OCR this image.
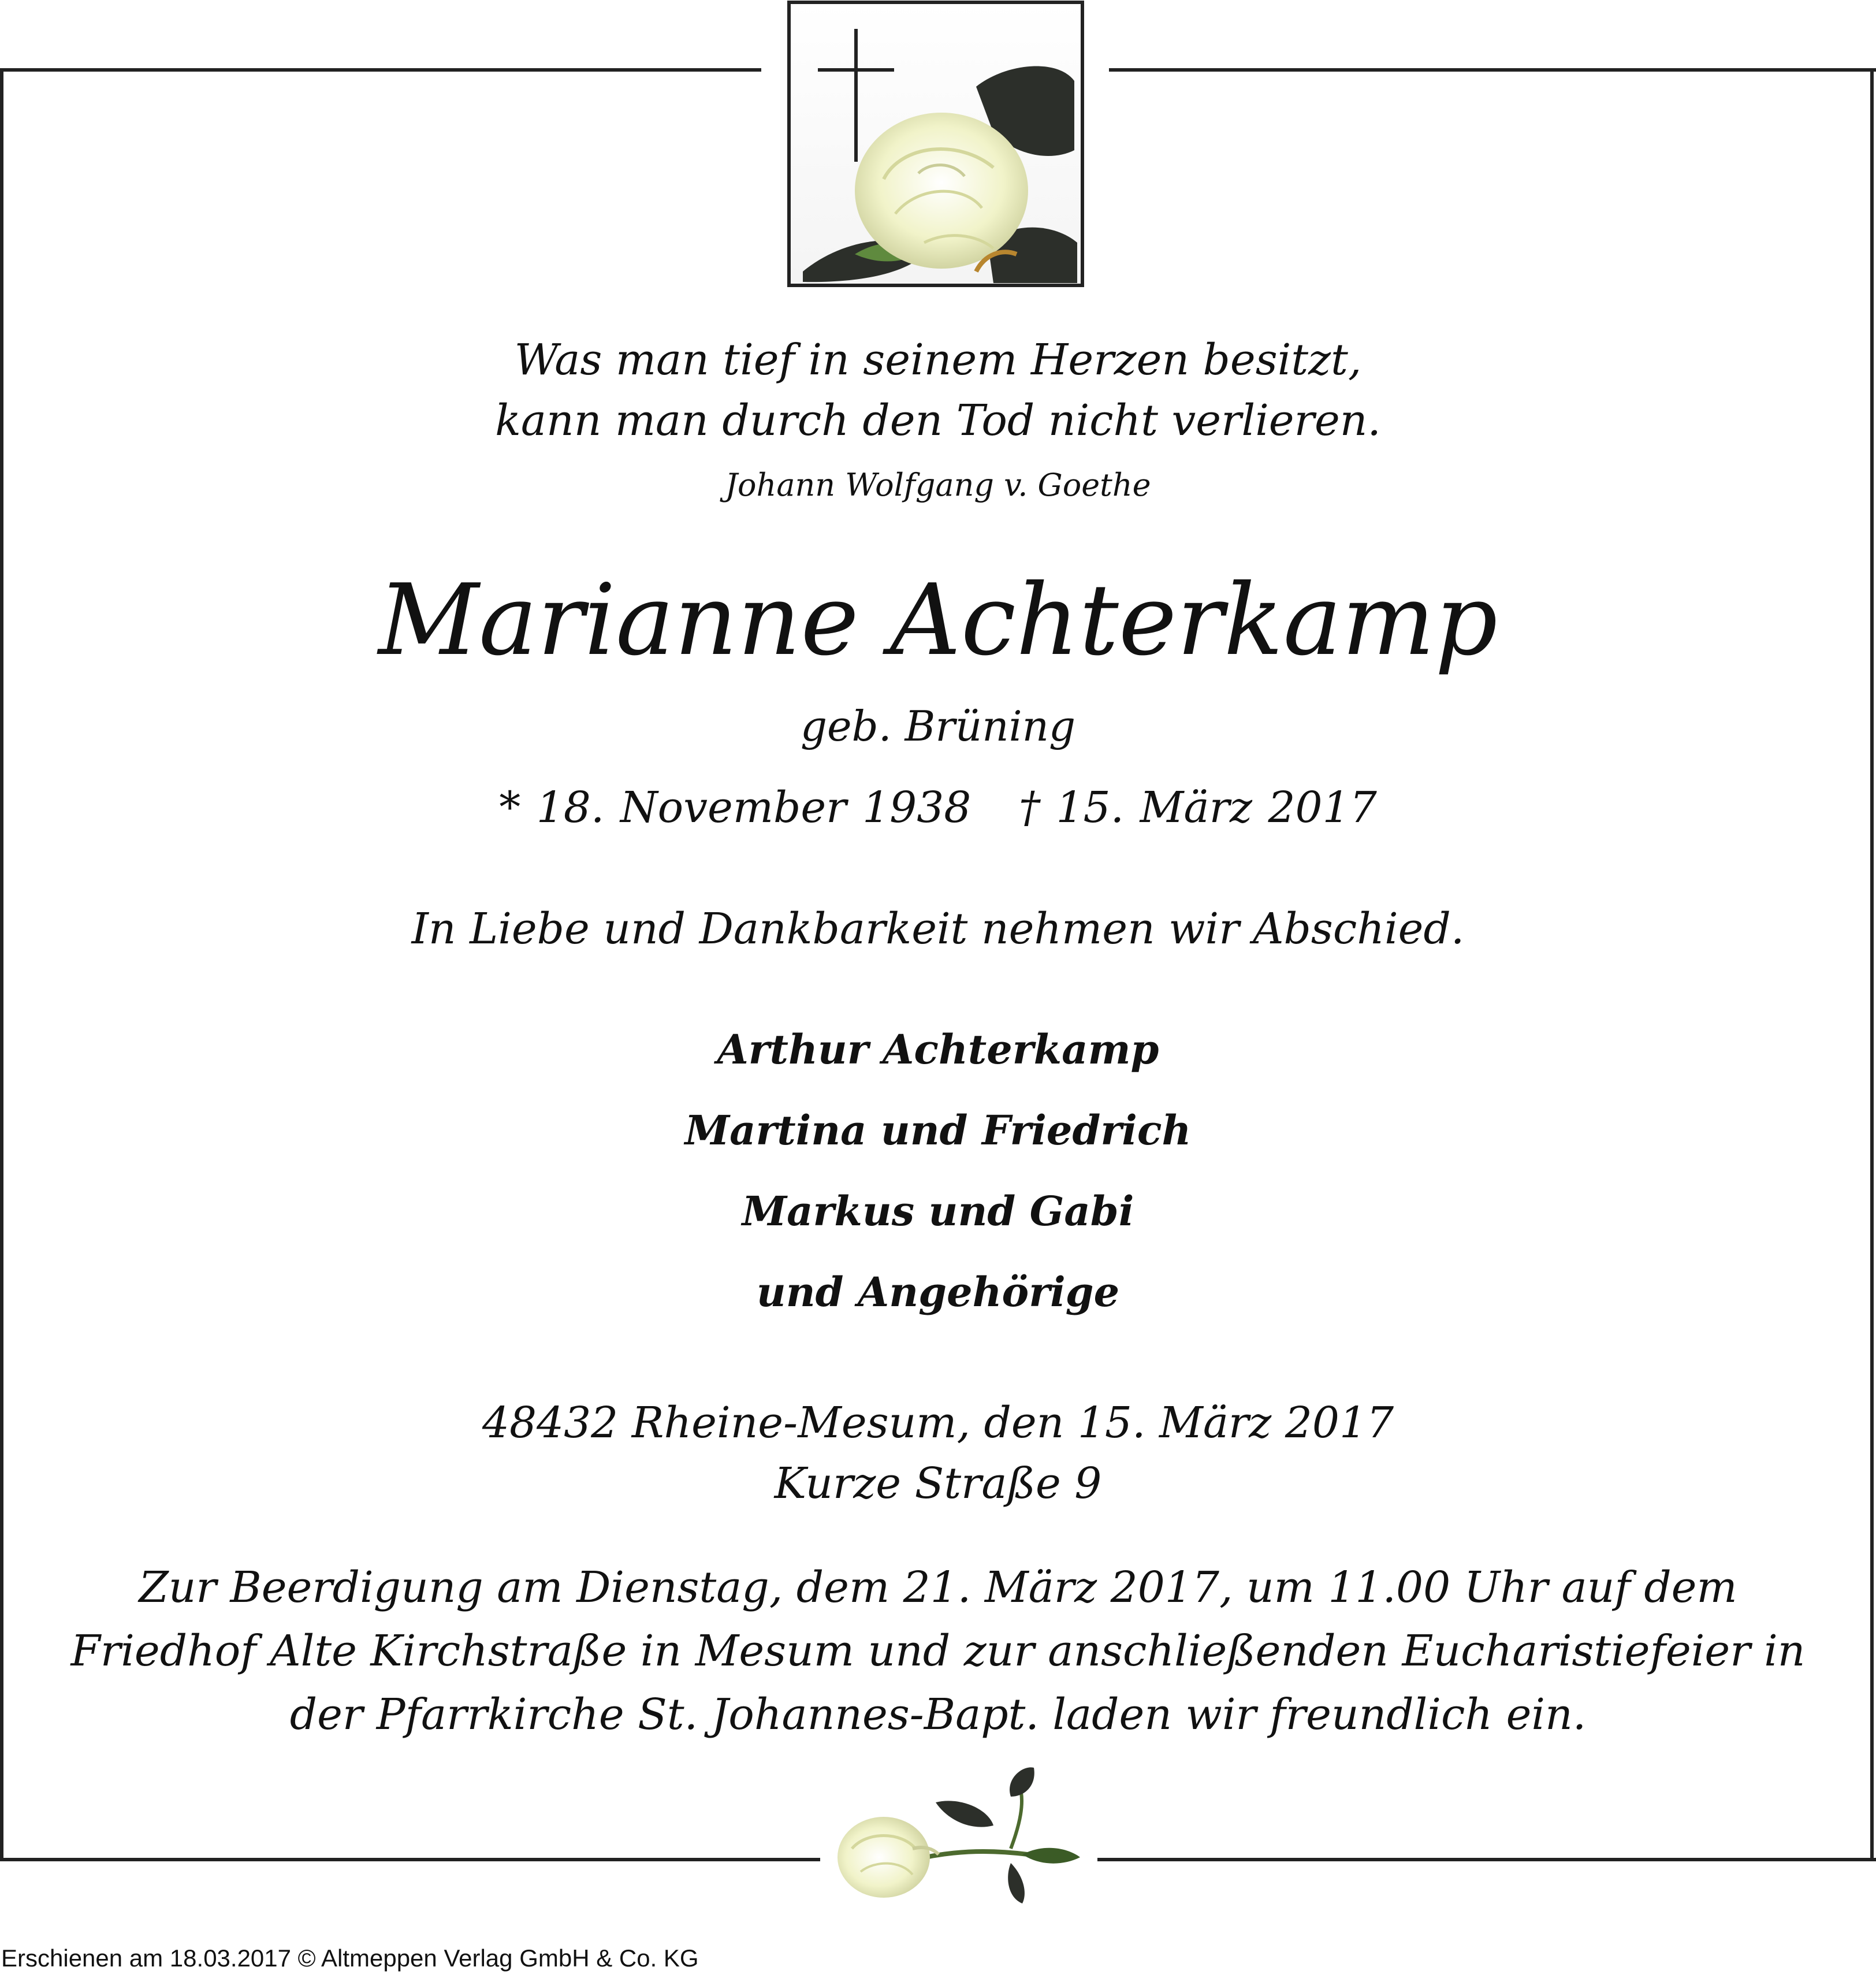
Was man tief in seinem Herzen besitzt,
kann man durch den Tod nicht verlieren.
Johann Wolfgang v. Goethe
Marianne Achterkamp
geb. Brüning
* 18. November 1938   † 15. März 2017
In Liebe und Dankbarkeit nehmen wir Abschied.
Arthur Achterkamp
Martina und Friedrich
Markus und Gabi
und Angehörige
48432 Rheine-Mesum, den 15. März 2017
Kurze Straße 9
Zur Beerdigung am Dienstag, dem 21. März 2017, um 11.00 Uhr auf dem
Friedhof Alte Kirchstraße in Mesum und zur anschließenden Eucharistiefeier in
der Pfarrkirche St. Johannes-Bapt. laden wir freundlich ein.
Erschienen am 18.03.2017 © Altmeppen Verlag GmbH & Co. KG
